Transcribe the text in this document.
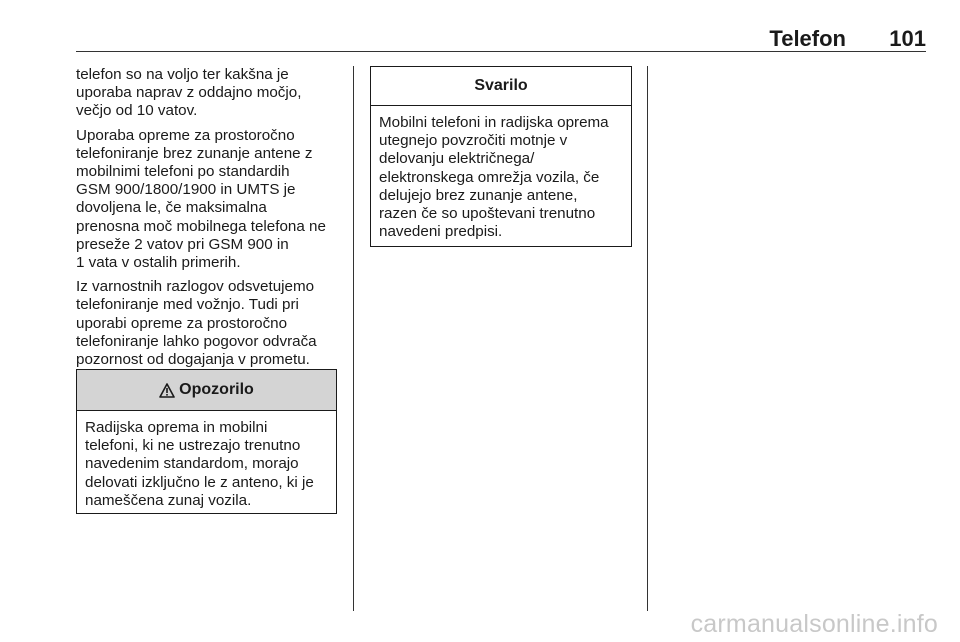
Telefon 101

telefon so na voljo ter kakšna je
uporaba naprav z oddajno močjo,
večjo od 10 vatov.

Uporaba opreme za prostoročno
telefoniranje brez zunanje antene z
mobilnimi telefoni po standardih
GSM 900/1800/1900 in UMTS je
dovoljena le, če maksimalna
prenosna moč mobilnega telefona ne
preseže 2 vatov pri GSM 900 in
1 vata v ostalih primerih.

Iz varnostnih razlogov odsvetujemo
telefoniranje med vožnjo. Tudi pri
uporabi opreme za prostoročno
telefoniranje lahko pogovor odvrača
pozornost od dogajanja v prometu.

Opozorilo
Radijska oprema in mobilni
telefoni, ki ne ustrezajo trenutno
navedenim standardom, morajo
delovati izključno le z anteno, ki je
nameščena zunaj vozila.
Svarilo
Mobilni telefoni in radijska oprema
utegnejo povzročiti motnje v
delovanju električnega/
elektronskega omrežja vozila, če
delujejo brez zunanje antene,
razen če so upoštevani trenutno
navedeni predpisi.
carmanualsonline.info
